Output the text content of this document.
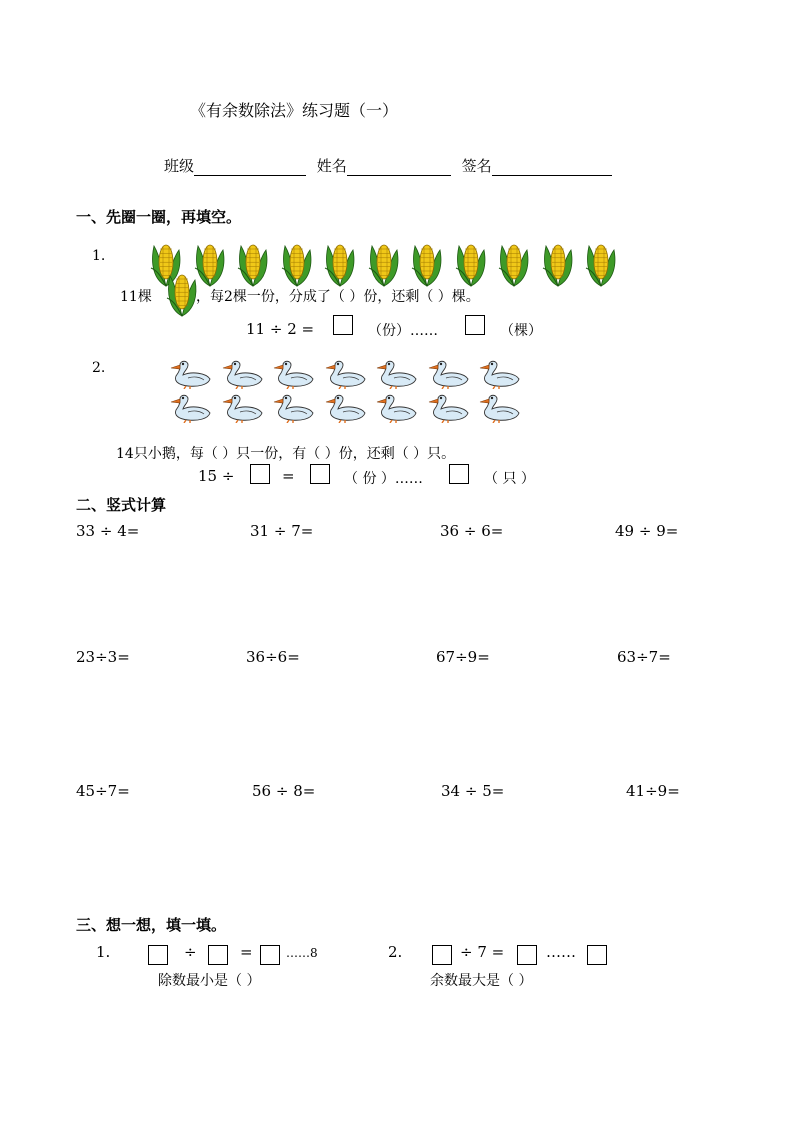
《有余数除法》练习题（一）
班级	姓名	签名
一、先圈一圈，再填空。
1.
11棵	，每2棵一份，分成了（ ）份，还剩（ ）棵。
11 ÷ 2 =	（份）……	（棵）
2.
14只小鹅，每（ ）只一份，有（ ）份，还剩（ ）只。
15 ÷	=	（ 份 ）……	（ 只 ）
二、竖式计算
33 ÷ 4=	31 ÷ 7=	36 ÷ 6=	49 ÷ 9=
23÷3=	36÷6=	67÷9=	63÷7=
45÷7=	56 ÷ 8=	34 ÷ 5=	41÷9=
三、想一想，填一填。
1.	÷	=	……8
除数最小是（ ）
2.	÷ 7 =	……
余数最大是（ ）
